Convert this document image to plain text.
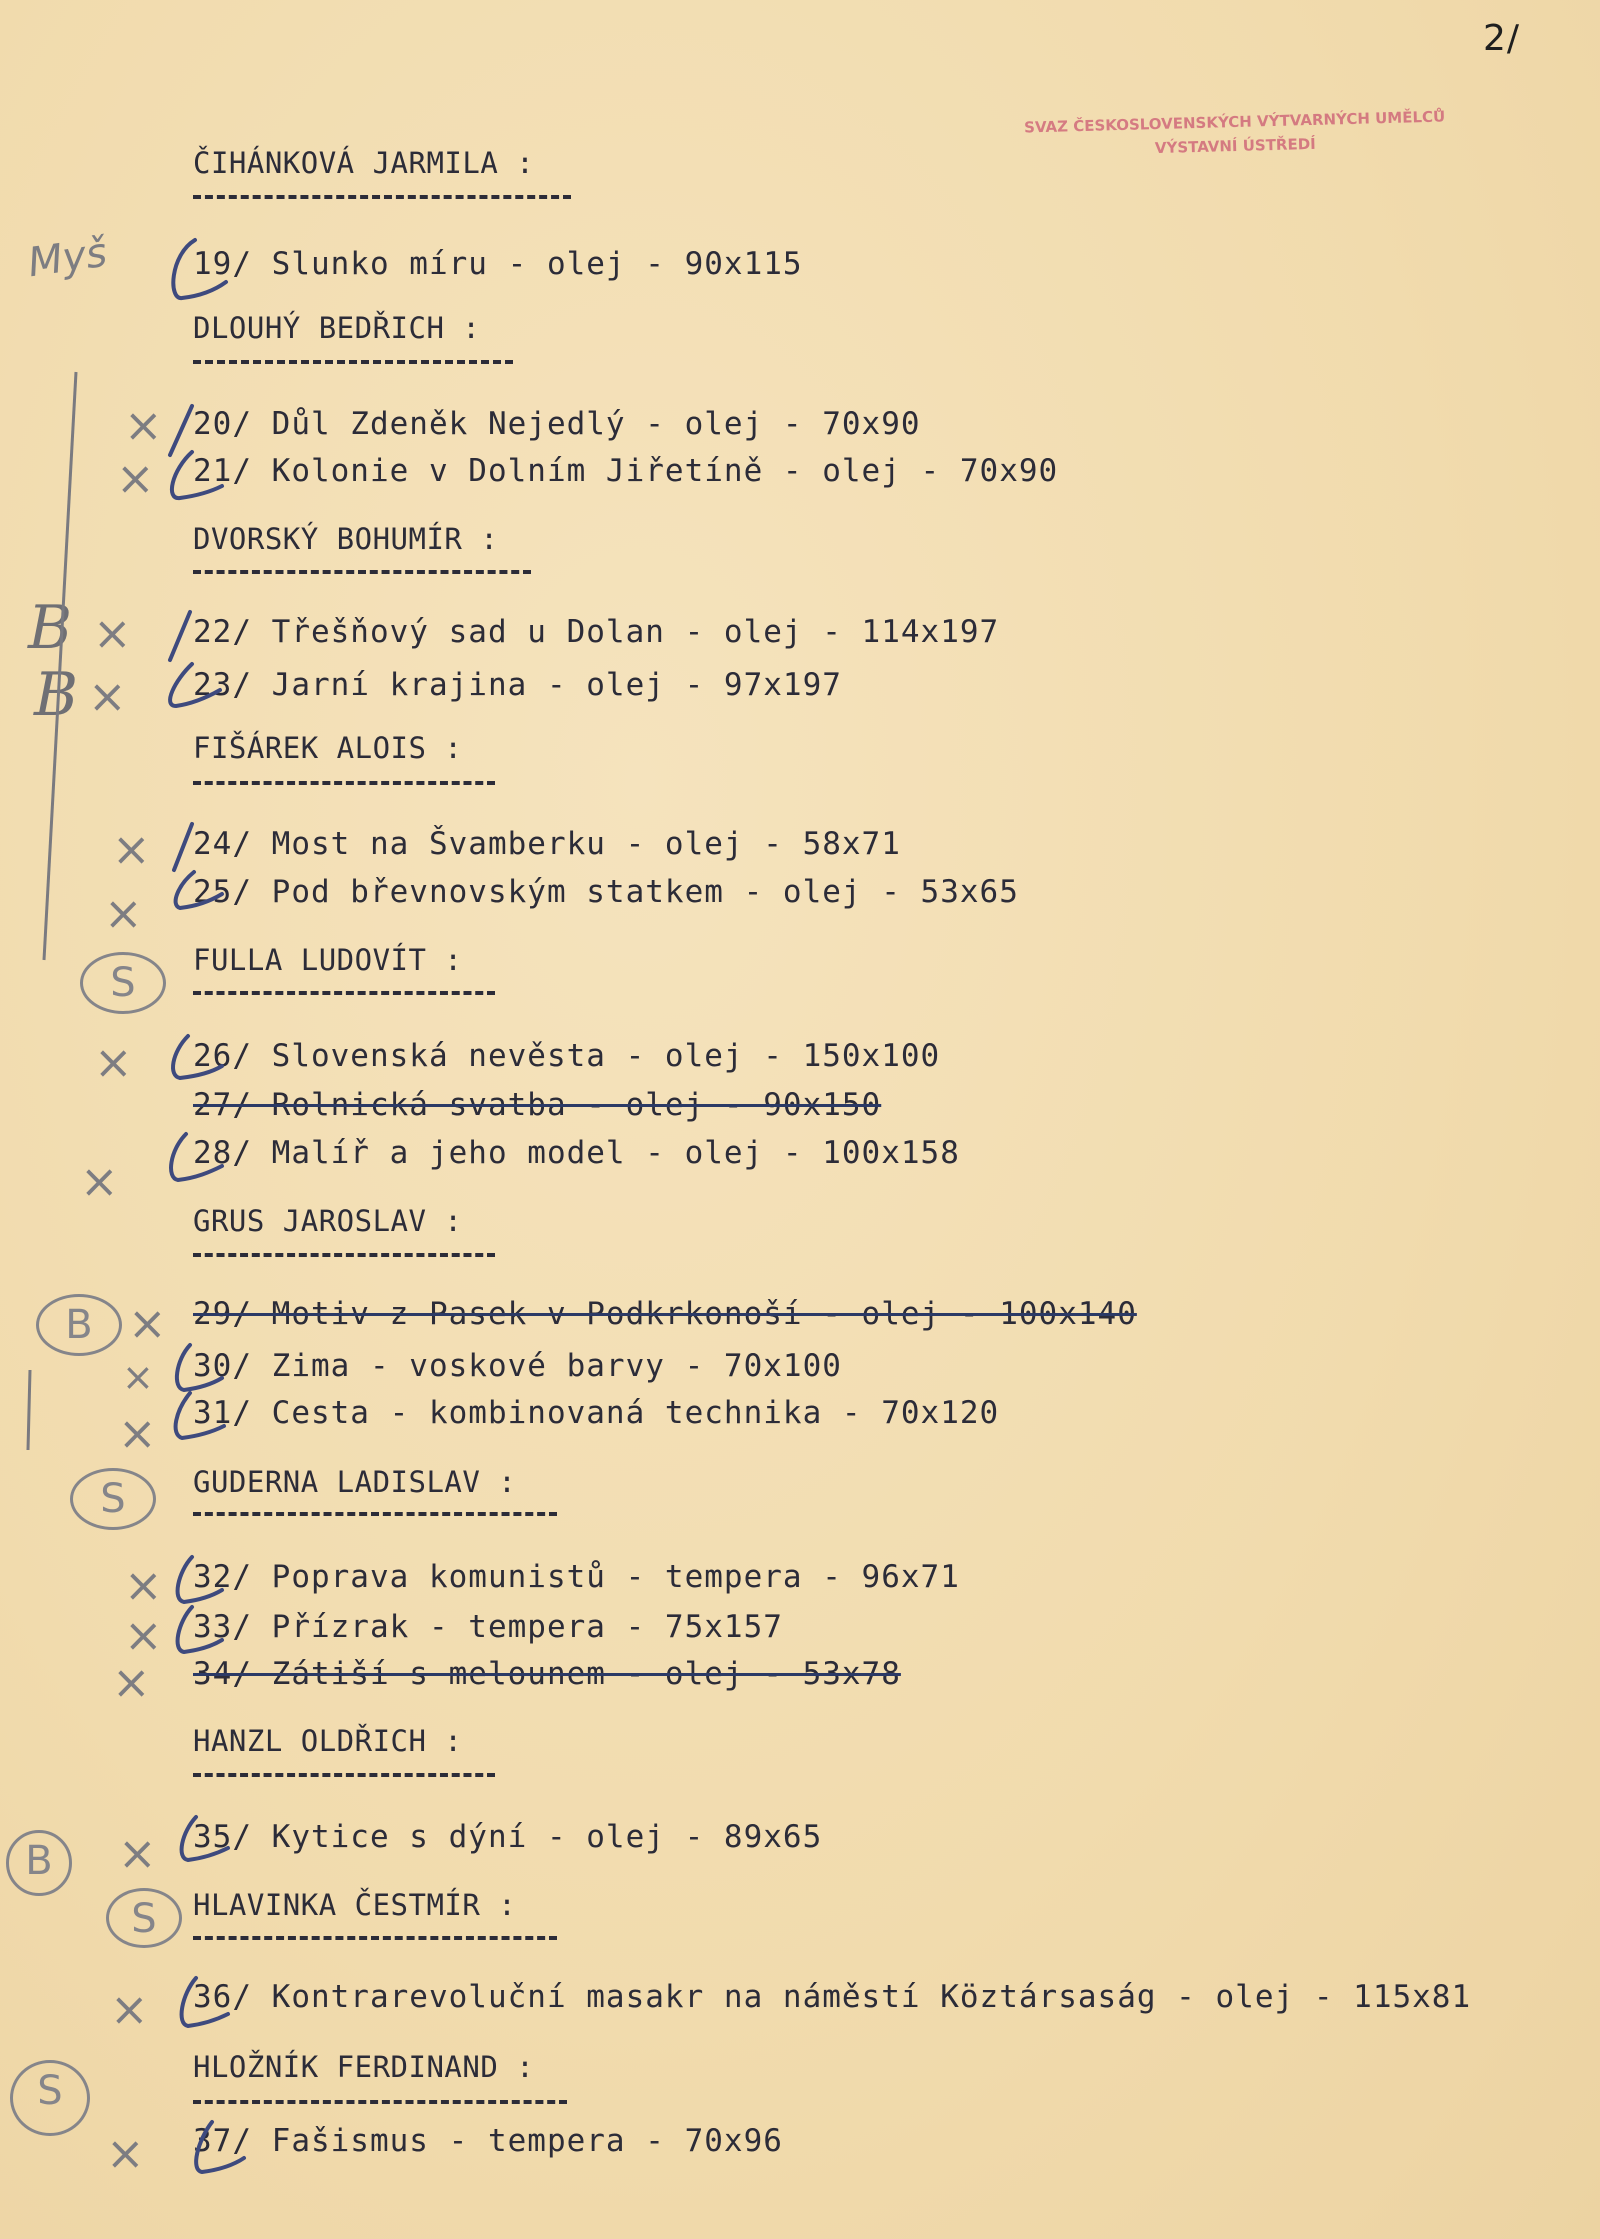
2/
SVAZ ČESKOSLOVENSKÝCH VÝTVARNÝCH UMĚLCŮ
VÝSTAVNÍ ÚSTŘEDÍ
Myš
ČIHÁNKOVÁ JARMILA :
19/ Slunko míru - olej - 90x115
DLOUHÝ BEDŘICH :
20/ Důl Zdeněk Nejedlý - olej - 70x90
21/ Kolonie v Dolním Jiřetíně - olej - 70x90
DVORSKÝ BOHUMÍR :
22/ Třešňový sad u Dolan - olej - 114x197
23/ Jarní krajina - olej - 97x197
FIŠÁREK ALOIS :
24/ Most na Švamberku - olej - 58x71
25/ Pod břevnovským statkem - olej - 53x65
FULLA LUDOVÍT :
26/ Slovenská nevěsta - olej - 150x100
27/ Rolnická svatba - olej - 90x150
28/ Malíř a jeho model - olej - 100x158
GRUS JAROSLAV :
29/ Motiv z Pasek v Podkrkonoší - olej - 100x140
30/ Zima - voskové barvy - 70x100
31/ Cesta - kombinovaná technika - 70x120
GUDERNA LADISLAV :
32/ Poprava komunistů - tempera - 96x71
33/ Přízrak - tempera - 75x157
34/ Zátiší s melounem - olej - 53x78
HANZL OLDŘICH :
35/ Kytice s dýní - olej - 89x65
HLAVINKA ČESTMÍR :
36/ Kontrarevoluční masakr na náměstí Köztársaság - olej - 115x81
HLOŽNÍK FERDINAND :
37/ Fašismus - tempera - 70x96
×
×
×
×
×
×
×
×
×
×
×
×
×
×
×
×
×
B
B
S
B
S
B
S
S
